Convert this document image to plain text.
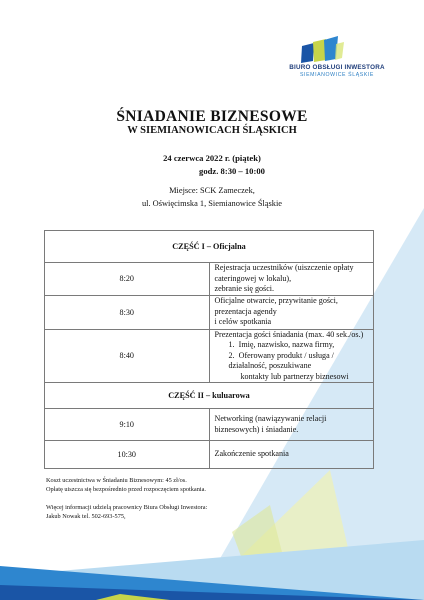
BIURO OBSŁUGI INWESTORA
SIEMIANOWICE ŚLĄSKIE
ŚNIADANIE BIZNESOWE
W SIEMIANOWICACH ŚLĄSKICH
24 czerwca 2022 r. (piątek)
godz. 8:30 – 10:00
Miejsce: SCK Zameczek,
ul. Oświęcimska 1, Siemianowice Śląskie
CZĘŚĆ I – Oficjalna	
8:20	Rejestracja uczestników (uiszczenie opłaty cateringowej w lokalu),
zebranie się gości.

8:30	Oficjalne otwarcie, przywitanie gości, prezentacja agendy
i celów spotkania

8:40	Prezentacja gości śniadania (max. 40 sek./os.)
1. Imię, nazwisko, nazwa firmy,
2. Oferowany produkt / usługa / działalność, poszukiwane
kontakty lub partnerzy biznesowi

CZĘŚĆ II – kuluarowa	
9:10	Networking (nawiązywanie relacji biznesowych) i śniadanie.

10:30	Zakończenie spotkania
Koszt uczestnictwa w Śniadaniu Biznesowym: 45 zł/os.
Opłatę uiszcza się bezpośrednio przed rozpoczęciem spotkania.
Więcej informacji udzielą pracownicy Biura Obsługi Inwestora:
Jakub Nowak tel. 502-693-575,
